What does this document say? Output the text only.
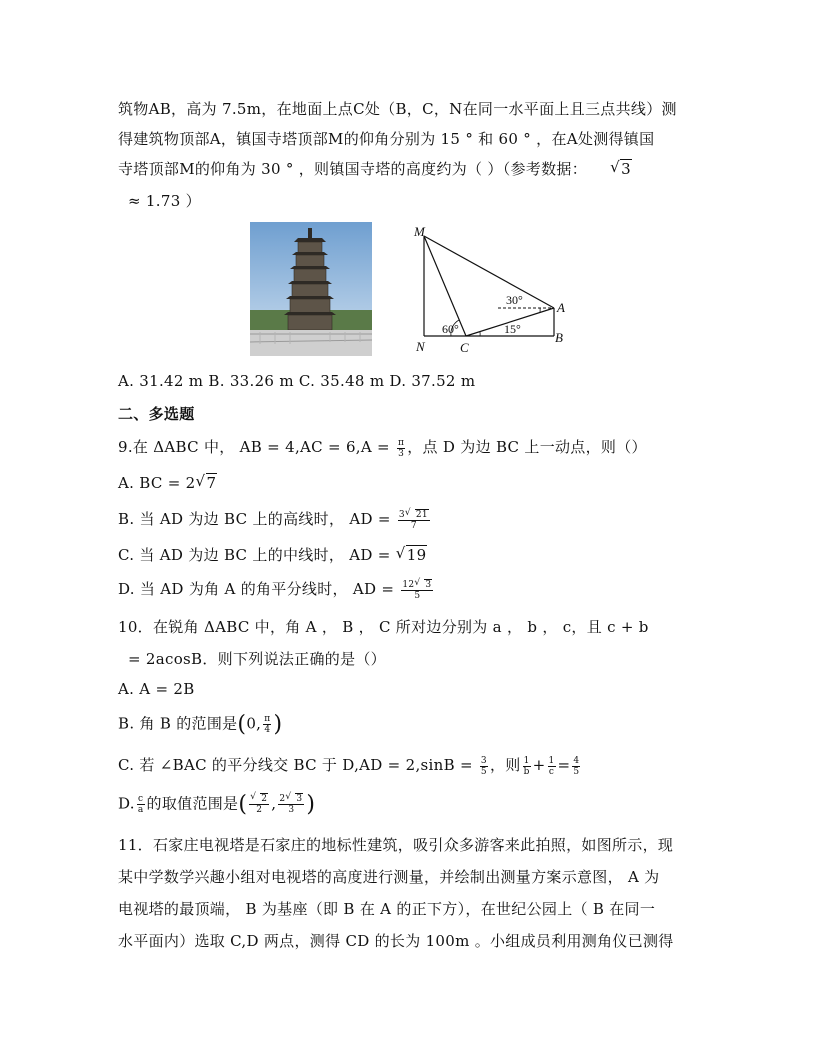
筑物AB，高为 7.5m，在地面上点C处（B，C，N在同一水平面上且三点共线）测
得建筑物顶部A，镇国寺塔顶部M的仰角分别为 15 ° 和 60 ° ，在A处测得镇国
寺塔顶部M的仰角为 30 ° ，则镇国寺塔的高度约为（ ）（参考数据： √ 3
≈ 1.73 ）
M
N	C
A
B
60°	15°
30°
A. 31.42 m B. 33.26 m C. 35.48 m D. 37.52 m
二、多选题
9.在 ΔABC 中， AB = $4,AC = 6,A = \frac{\pi}{3}$ ，点 D 为边 BC 上一动点，则（）
A. BC = 2 √ 7
B. 当 AD 为边 BC 上的高线时， AD = $\frac{3 √ 21}{7}$
C. 当 AD 为边 BC 上的中线时， AD = √ 19
D. 当 AD 为角 A 的角平分线时， AD = $\frac{12 √ 3}{5}$
10．在锐角 ΔABC 中，角 A ， B ， C 所对边分别为 a ， b ， c，且 c + b
= 2acosB．则下列说法正确的是（）
A. A = 2B
B. 角 B 的范围是(0, $\frac{\pi}{4}$ )
C. 若 ∠BAC 的平分线交 BC 于 $D,AD = 2,\sin B = \frac{3}{5}$ ，则 $\frac{1}{b} + \frac{1}{c} = \frac{4}{5}$
D. $\frac{c}{a}$ 的取值范围是( √ $\frac{2}{2}$ , $\frac{2 √ 3}{3}$ )
11．石家庄电视塔是石家庄的地标性建筑，吸引众多游客来此拍照，如图所示，现
某中学数学兴趣小组对电视塔的高度进行测量，并绘制出测量方案示意图， A 为
电视塔的最顶端， B 为基座（即 B 在 A 的正下方），在世纪公园上（ B 在同一
水平面内）选取 C,D 两点，测得 CD 的长为 100m 。小组成员利用测角仪已测得
